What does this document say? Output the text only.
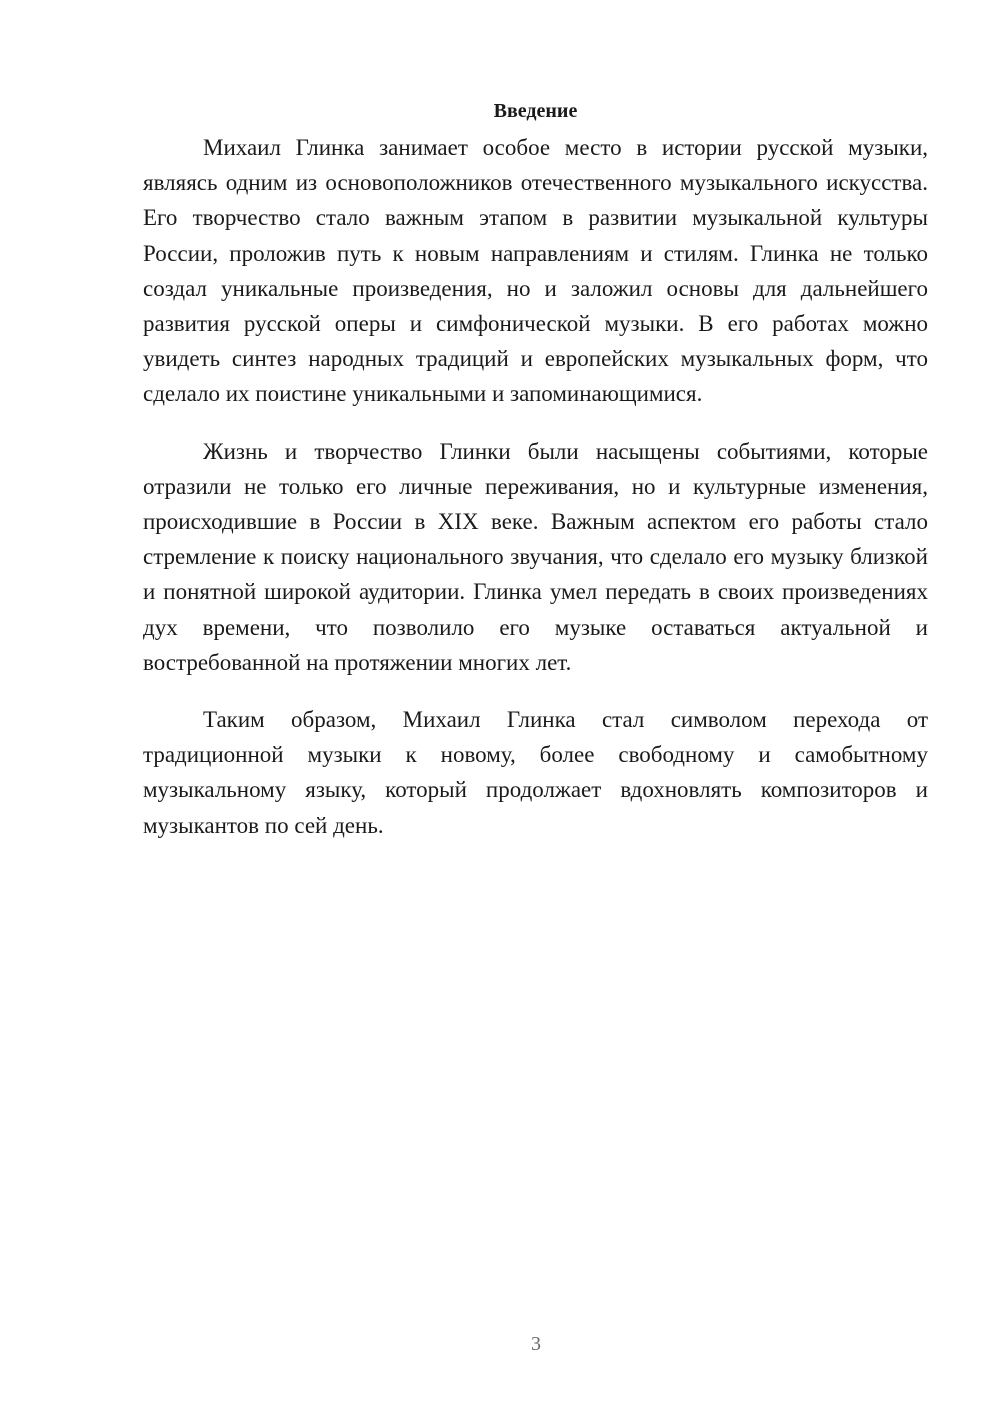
Введение

Михаил Глинка занимает особое место в истории русской музыки, являясь одним из основоположников отечественного музыкального искусства. Его творчество стало важным этапом в развитии музыкальной культуры России, проложив путь к новым направлениям и стилям. Глинка не только создал уникальные произведения, но и заложил основы для дальнейшего развития русской оперы и симфонической музыки. В его работах можно увидеть синтез народных традиций и европейских музыкальных форм, что сделало их поистине уникальными и запоминающимися.

Жизнь и творчество Глинки были насыщены событиями, которые отразили не только его личные переживания, но и культурные изменения, происходившие в России в XIX веке. Важным аспектом его работы стало стремление к поиску национального звучания, что сделало его музыку близкой и понятной широкой аудитории. Глинка умел передать в своих произведениях дух времени, что позволило его музыке оставаться актуальной и востребованной на протяжении многих лет.

Таким образом, Михаил Глинка стал символом перехода от традиционной музыки к новому, более свободному и самобытному музыкальному языку, который продолжает вдохновлять композиторов и музыкантов по сей день.

3
